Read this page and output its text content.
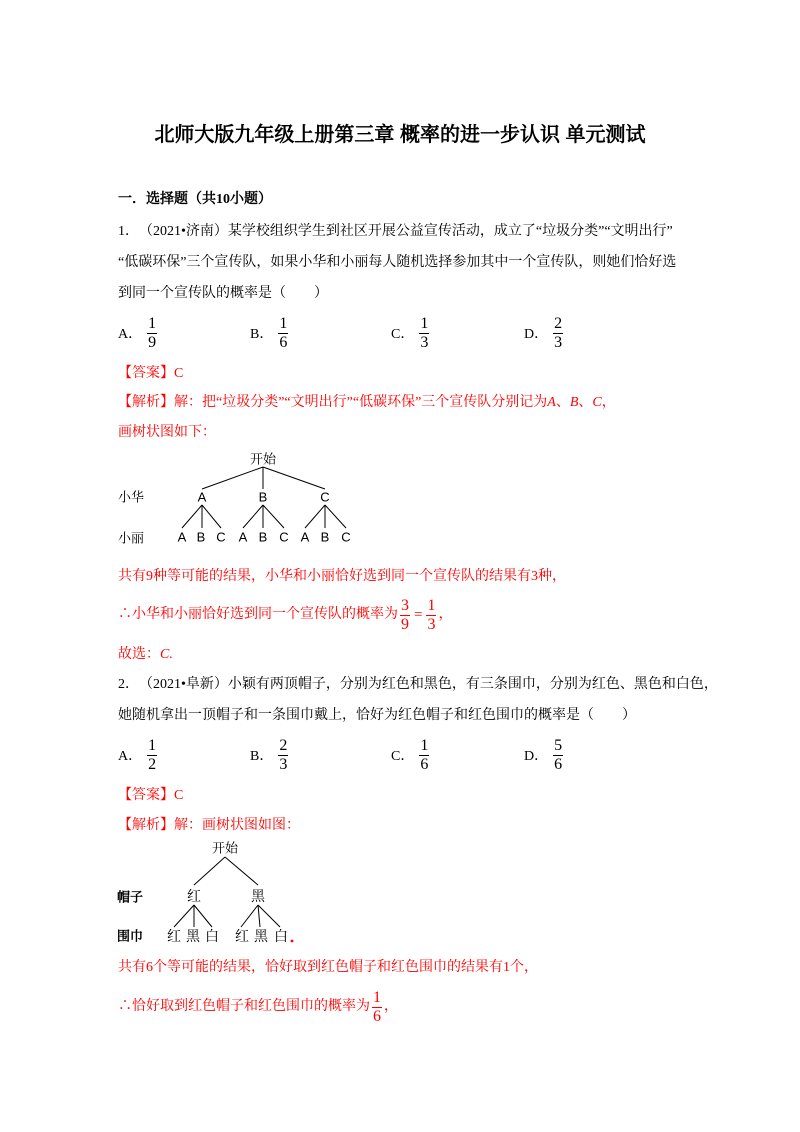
北师大版九年级上册第三章 概率的进一步认识 单元测试
一．选择题（共10小题）
1． （2021•济南）某学校组织学生到社区开展公益宣传活动，成立了“垃圾分类”“文明出行”
“低碳环保”三个宣传队，如果小华和小丽每人随机选择参加其中一个宣传队，则她们恰好选
到同一个宣传队的概率是（　　）
A． $\frac{1}{9}$	B． $\frac{1}{6}$	C． $\frac{1}{3}$	D． $\frac{2}{3}$
【答案】 C
【解析】 解：把“垃圾分类”“文明出行”“低碳环保”三个宣传队分别记为 A 、 B 、 C ，
画树状图如下：
开始
小华	A	B	C
小丽	A B C A B C A B C
共有9种等可能的结果，小华和小丽恰好选到同一个宣传队的结果有3种，
∴小华和小丽恰好选到同一个宣传队的概率为 $\frac{3}{9} = \frac{1}{3}$ ，
故选： C.
2． （2021•阜新）小颖有两顶帽子，分别为红色和黑色，有三条围巾，分别为红色、黑色和白色，
她随机拿出一顶帽子和一条围巾戴上，恰好为红色帽子和红色围巾的概率是（　　）
A． $\frac{1}{2}$	B． $\frac{2}{3}$	C． $\frac{1}{6}$	D． $\frac{5}{6}$
【答案】 C
【解析】 解：画树状图如图：
开始
帽子	红	黑
围巾 红 黑 白 红 黑 白
共有6个等可能的结果，恰好取到红色帽子和红色围巾的结果有1个，
∴恰好取到红色帽子和红色围巾的概率为 $\frac{1}{6}$ ，
